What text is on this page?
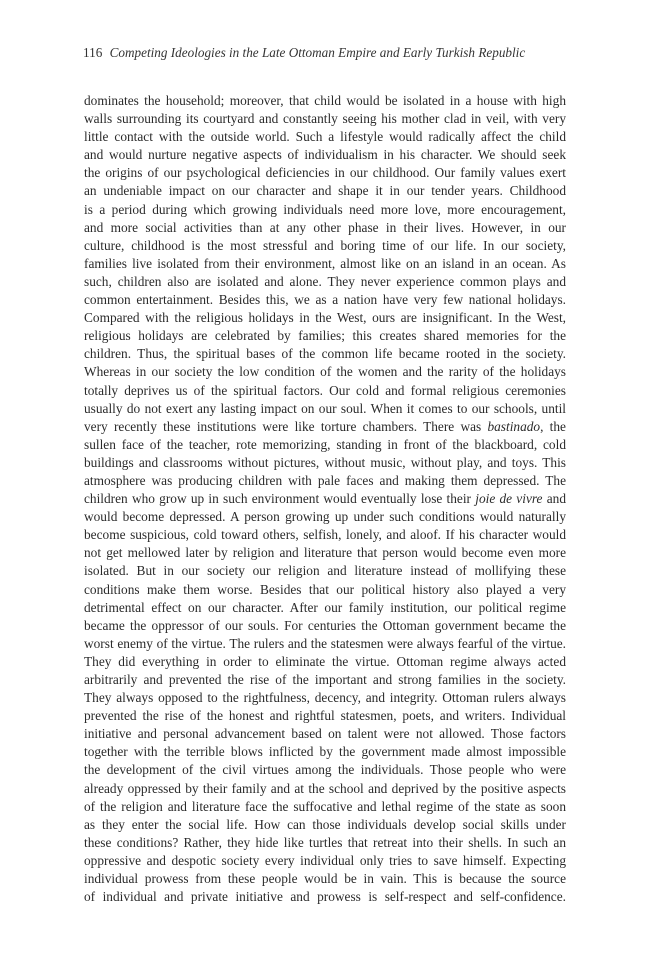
116 Competing Ideologies in the Late Ottoman Empire and Early Turkish Republic
dominates the household; moreover, that child would be isolated in a house with high
walls surrounding its courtyard and constantly seeing his mother clad in veil, with very
little contact with the outside world. Such a lifestyle would radically affect the child
and would nurture negative aspects of individualism in his character. We should seek
the origins of our psychological deficiencies in our childhood. Our family values exert
an undeniable impact on our character and shape it in our tender years. Childhood
is a period during which growing individuals need more love, more encouragement,
and more social activities than at any other phase in their lives. However, in our
culture, childhood is the most stressful and boring time of our life. In our society,
families live isolated from their environment, almost like on an island in an ocean. As
such, children also are isolated and alone. They never experience common plays and
common entertainment. Besides this, we as a nation have very few national holidays.
Compared with the religious holidays in the West, ours are insignificant. In the West,
religious holidays are celebrated by families; this creates shared memories for the
children. Thus, the spiritual bases of the common life became rooted in the society.
Whereas in our society the low condition of the women and the rarity of the holidays
totally deprives us of the spiritual factors. Our cold and formal religious ceremonies
usually do not exert any lasting impact on our soul. When it comes to our schools, until
very recently these institutions were like torture chambers. There was bastinado, the
sullen face of the teacher, rote memorizing, standing in front of the blackboard, cold
buildings and classrooms without pictures, without music, without play, and toys. This
atmosphere was producing children with pale faces and making them depressed. The
children who grow up in such environment would eventually lose their joie de vivre and
would become depressed. A person growing up under such conditions would naturally
become suspicious, cold toward others, selfish, lonely, and aloof. If his character would
not get mellowed later by religion and literature that person would become even more
isolated. But in our society our religion and literature instead of mollifying these
conditions make them worse. Besides that our political history also played a very
detrimental effect on our character. After our family institution, our political regime
became the oppressor of our souls. For centuries the Ottoman government became the
worst enemy of the virtue. The rulers and the statesmen were always fearful of the virtue.
They did everything in order to eliminate the virtue. Ottoman regime always acted
arbitrarily and prevented the rise of the important and strong families in the society.
They always opposed to the rightfulness, decency, and integrity. Ottoman rulers always
prevented the rise of the honest and rightful statesmen, poets, and writers. Individual
initiative and personal advancement based on talent were not allowed. Those factors
together with the terrible blows inflicted by the government made almost impossible
the development of the civil virtues among the individuals. Those people who were
already oppressed by their family and at the school and deprived by the positive aspects
of the religion and literature face the suffocative and lethal regime of the state as soon
as they enter the social life. How can those individuals develop social skills under
these conditions? Rather, they hide like turtles that retreat into their shells. In such an
oppressive and despotic society every individual only tries to save himself. Expecting
individual prowess from these people would be in vain. This is because the source
of individual and private initiative and prowess is self-respect and self-confidence.
